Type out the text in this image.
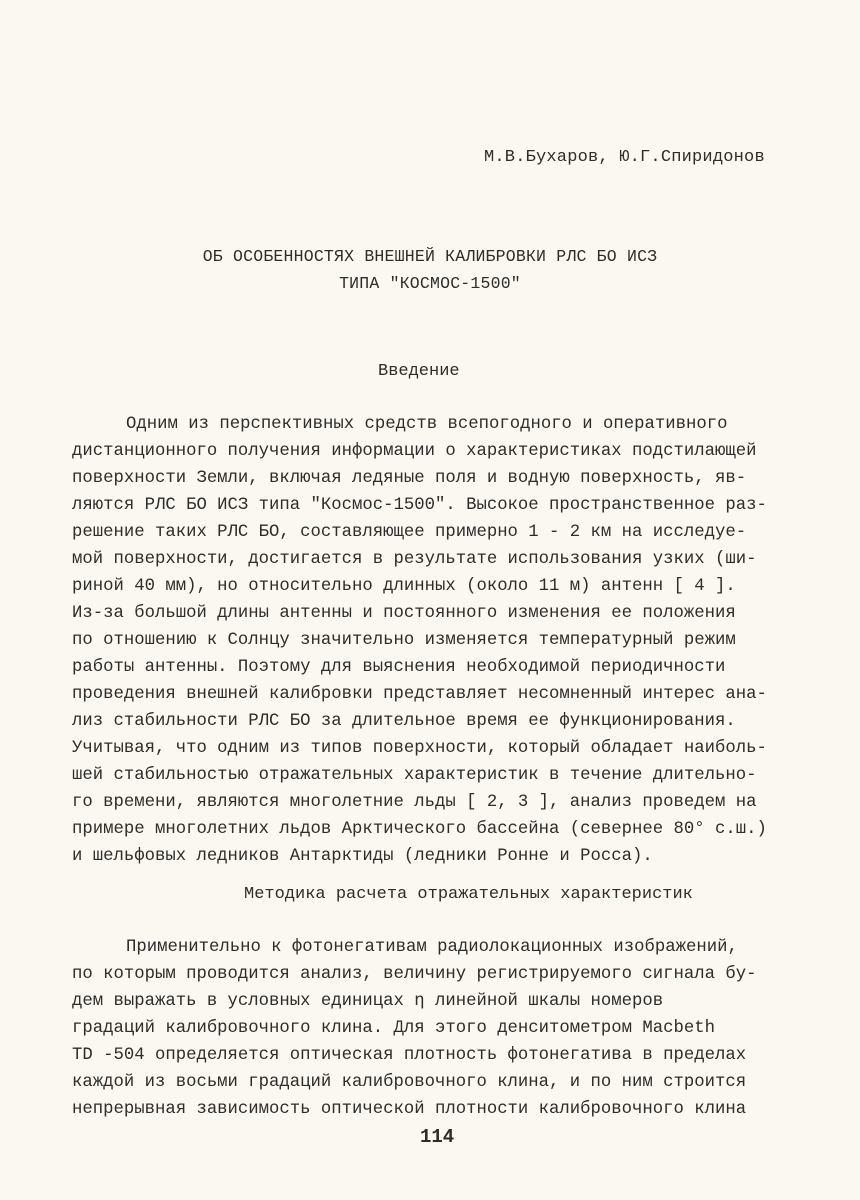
М.В.Бухаров, Ю.Г.Спиридонов
ОБ ОСОБЕННОСТЯХ ВНЕШНЕЙ КАЛИБРОВКИ РЛС БО ИСЗ
ТИПА "КОСМОС-1500"
Введение
Одним из перспективных средств всепогодного и оперативного
дистанционного получения информации о характеристиках подстилающей
поверхности Земли, включая ледяные поля и водную поверхность, яв-
ляются РЛС БО ИСЗ типа "Космос-1500". Высокое пространственное раз-
решение таких РЛС БО, составляющее примерно 1 - 2 км на исследуе-
мой поверхности, достигается в результате использования узких (ши-
риной 40 мм), но относительно длинных (около 11 м) антенн [ 4 ].
Из-за большой длины антенны и постоянного изменения ее положения
по отношению к Солнцу значительно изменяется температурный режим
работы антенны. Поэтому для выяснения необходимой периодичности
проведения внешней калибровки представляет несомненный интерес ана-
лиз стабильности РЛС БО за длительное время ее функционирования.
Учитывая, что одним из типов поверхности, который обладает наиболь-
шей стабильностью отражательных характеристик в течение длительно-
го времени, являются многолетние льды [ 2, 3 ], анализ проведем на
примере многолетних льдов Арктического бассейна (севернее 80° с.ш.)
и шельфовых ледников Антарктиды (ледники Ронне и Росса).
Методика расчета отражательных характеристик
Применительно к фотонегативам радиолокационных изображений,
по которым проводится анализ, величину регистрируемого сигнала бу-
дем выражать в условных единицах η линейной шкалы номеров
градаций калибровочного клина. Для этого денситометром Macbeth
TD -504 определяется оптическая плотность фотонегатива в пределах
каждой из восьми градаций калибровочного клина, и по ним строится
непрерывная зависимость оптической плотности калибровочного клина
114
